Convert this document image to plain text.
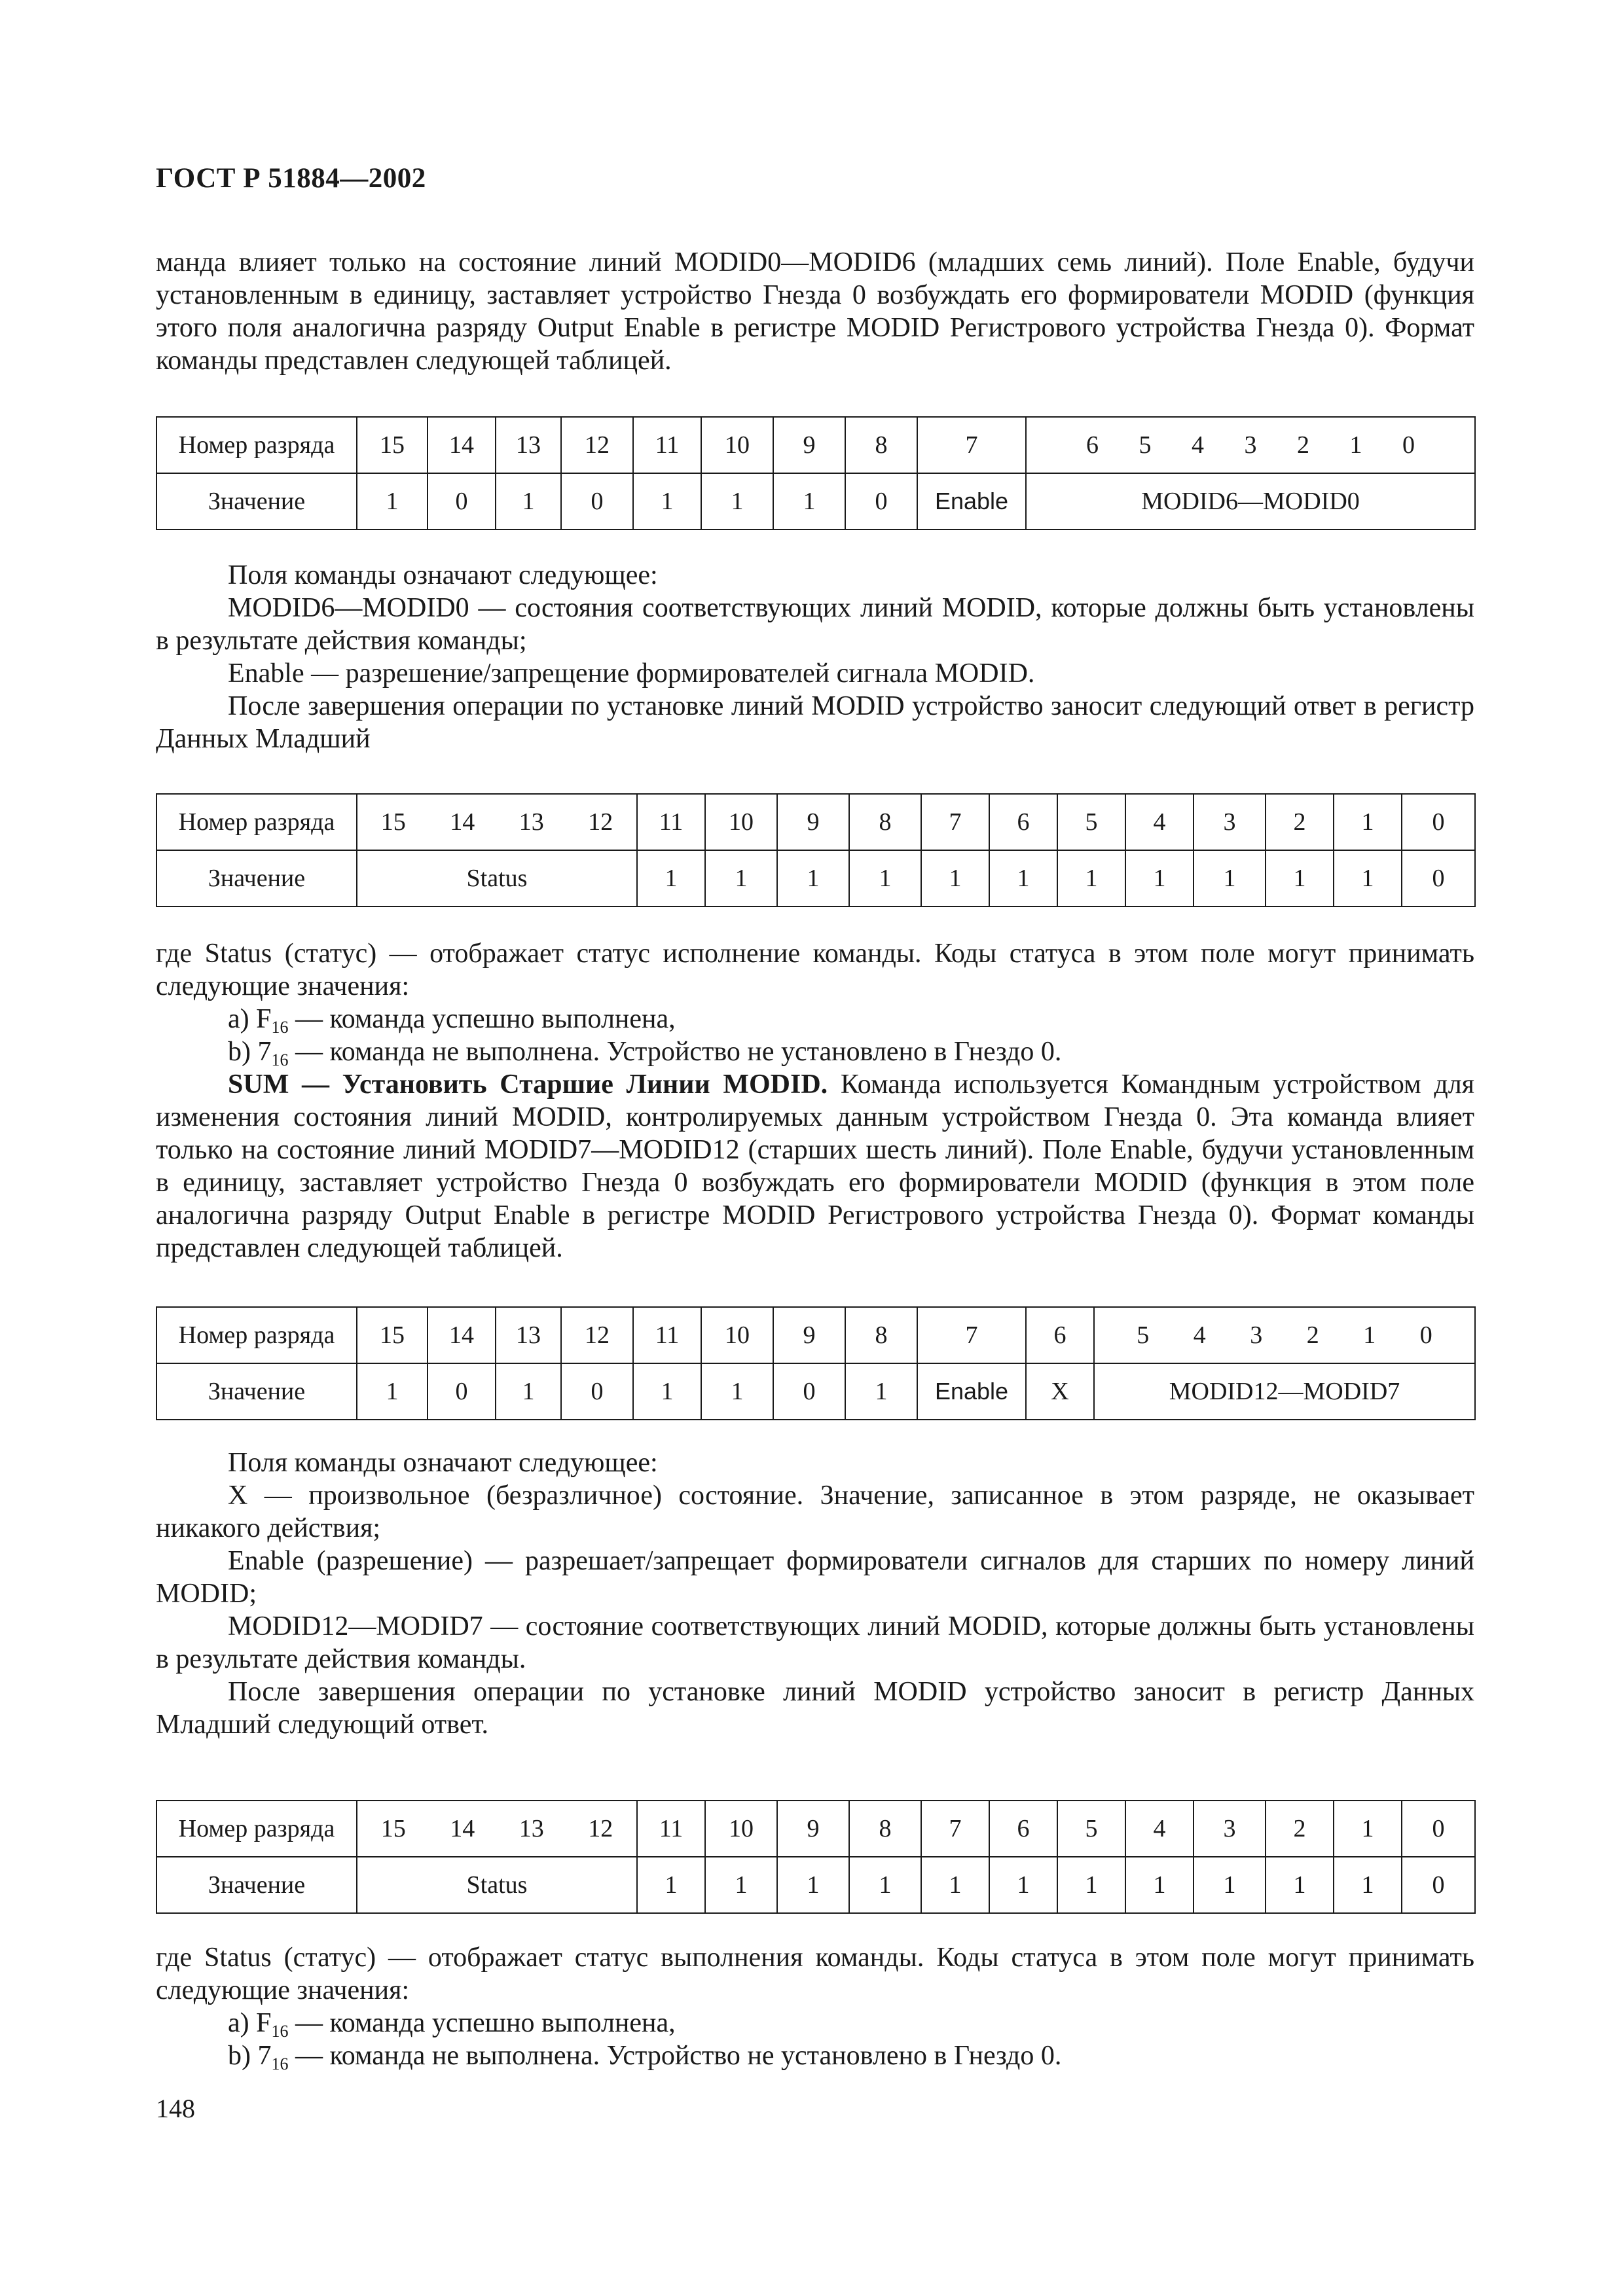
ГОСТ Р 51884—2002

манда влияет только на состояние линий MODID0—MODID6 (младших семь линий). Поле Enable, будучи установленным в единицу, заставляет устройство Гнезда 0 возбуждать его формирователи MODID (функция этого поля аналогична разряду Output Enable в регистре MODID Регистрового устройства Гнезда 0). Формат команды представлен следующей таблицей.

Номер разряда	15	14	13	12	11	10	9	8	7	6 5 4 3 2 1 0

Значение	1	0	1	0	1	1	1	0	Enable	MODID6—MODID0

Поля команды означают следующее:

MODID6—MODID0 — состояния соответствующих линий MODID, которые должны быть установлены в результате действия команды;

Enable — разрешение/запрещение формирователей сигнала MODID.

После завершения операции по установке линий MODID устройство заносит следующий ответ в регистр Данных Младший

Номер разряда	15 14 13 12	11	10	9	8	7	6	5	4	3	2	1	0
Значение	Status	1	1	1	1	1	1	1	1	1	1	1	0

где Status (статус) — отображает статус исполнение команды. Коды статуса в этом поле могут принимать следующие значения:

a) $F_{16}$ — команда успешно выполнена,

b) $7_{16}$ — команда не выполнена. Устройство не установлено в Гнездо 0.

SUM — Установить Старшие Линии MODID. Команда используется Командным устройством для изменения состояния линий MODID, контролируемых данным устройством Гнезда 0. Эта команда влияет только на состояние линий MODID7—MODID12 (старших шесть линий). Поле Enable, будучи установленным в единицу, заставляет устройство Гнезда 0 возбуждать его формирователи MODID (функция в этом поле аналогична разряду Output Enable в регистре MODID Регистрового устройства Гнезда 0). Формат команды представлен следующей таблицей.

Номер разряда	15	14	13	12	11	10	9	8	7	6	5 4 3 2 1 0

Значение	1	0	1	0	1	1	0	1	Enable	X	MODID12—MODID7

Поля команды означают следующее:

X — произвольное (безразличное) состояние. Значение, записанное в этом разряде, не оказывает никакого действия;

Enable (разрешение) — разрешает/запрещает формирователи сигналов для старших по номеру линий MODID;

MODID12—MODID7 — состояние соответствующих линий MODID, которые должны быть установлены в результате действия команды.

После завершения операции по установке линий MODID устройство заносит в регистр Данных Младший следующий ответ.

Номер разряда	15 14 13 12	11	10	9	8	7	6	5	4	3	2	1	0
Значение	Status	1	1	1	1	1	1	1	1	1	1	1	0

где Status (статус) — отображает статус выполнения команды. Коды статуса в этом поле могут принимать следующие значения:

a) $F_{16}$ — команда успешно выполнена,

b) $7_{16}$ — команда не выполнена. Устройство не установлено в Гнездо 0.

148
